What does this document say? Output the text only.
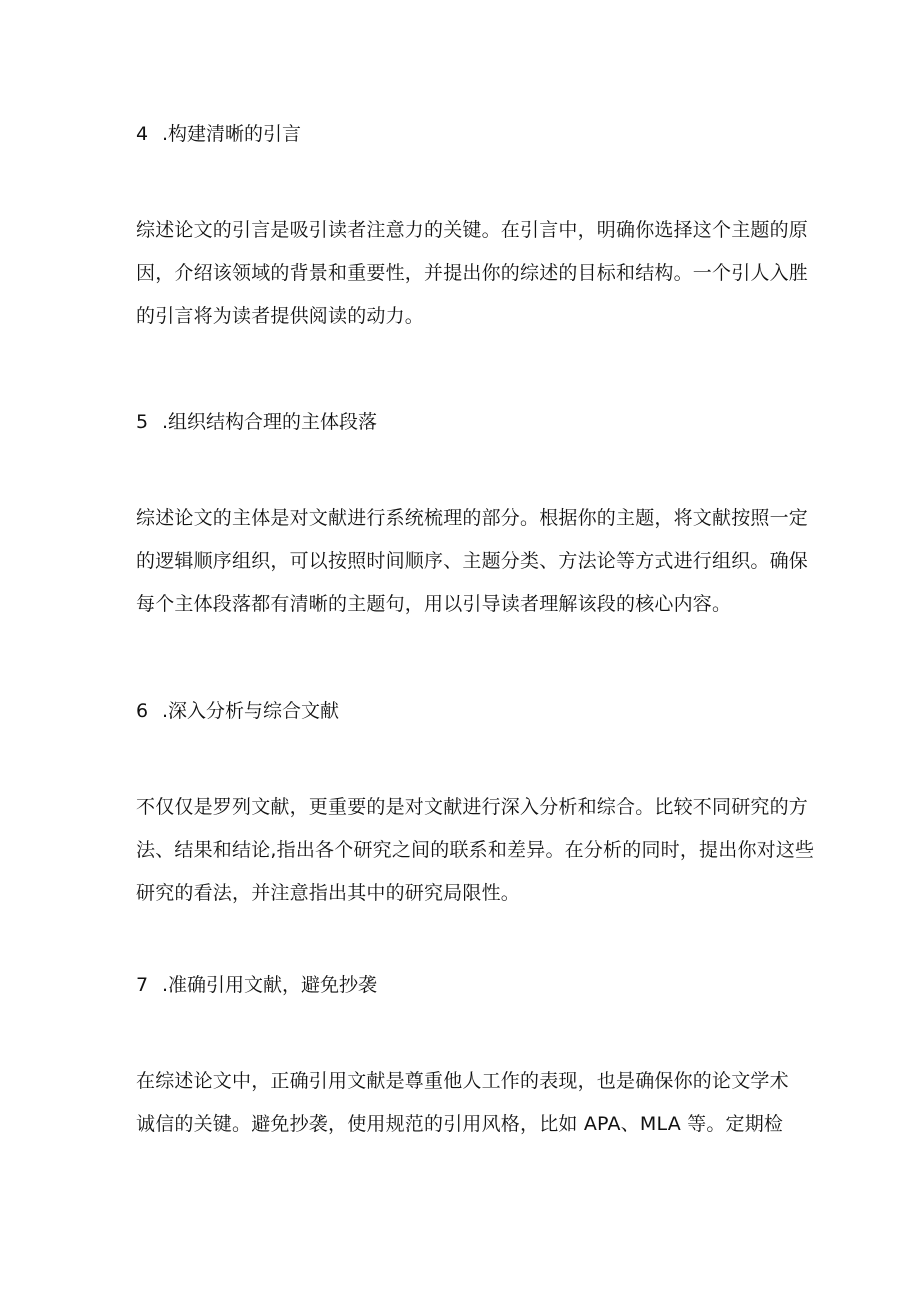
4 .构建清晰的引言
综述论文的引言是吸引读者注意力的关键。在引言中，明确你选择这个主题的原
因，介绍该领域的背景和重要性，并提出你的综述的目标和结构。一个引人入胜
的引言将为读者提供阅读的动力。
5 .组织结构合理的主体段落
综述论文的主体是对文献进行系统梳理的部分。根据你的主题，将文献按照一定
的逻辑顺序组织，可以按照时间顺序、主题分类、方法论等方式进行组织。确保
每个主体段落都有清晰的主题句，用以引导读者理解该段的核心内容。
6 .深入分析与综合文献
不仅仅是罗列文献，更重要的是对文献进行深入分析和综合。比较不同研究的方
法、结果和结论,指出各个研究之间的联系和差异。在分析的同时，提出你对这些
研究的看法，并注意指出其中的研究局限性。
7 .准确引用文献，避免抄袭
在综述论文中，正确引用文献是尊重他人工作的表现，也是确保你的论文学术
诚信的关键。避免抄袭，使用规范的引用风格，比如 APA、MLA 等。定期检
